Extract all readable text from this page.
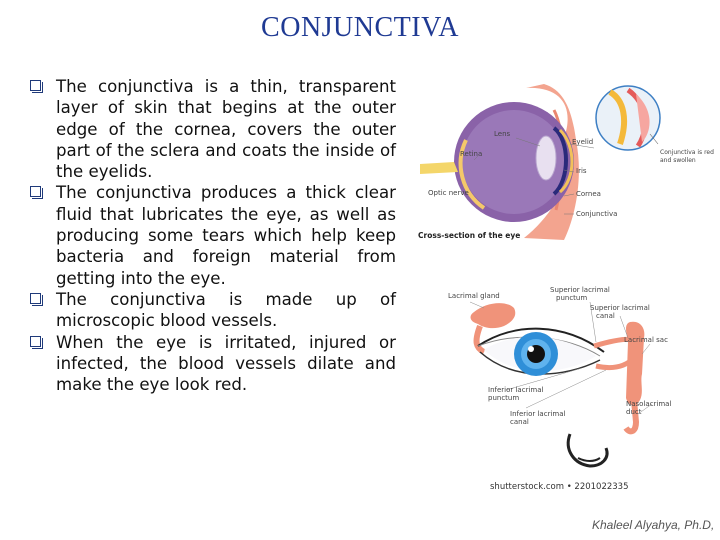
CONJUNCTIVA
The conjunctiva is a thin, transparent layer of skin that begins at the outer edge of the cornea, covers the outer part of the sclera and coats the inside of the eyelids.
The conjunctiva produces a thick clear fluid that lubricates the eye, as well as producing some tears which help keep bacteria and foreign material from getting into the eye.
The conjunctiva is made up of microscopic blood vessels.
When the eye is irritated, injured or infected, the blood vessels dilate and make the eye look red.
Lens
Retina
Eyelid
Iris
Optic nerve	Cornea
Conjunctiva
Cross-section of the eye
Conjunctiva is red
and swollen
Lacrimal gland
Superior lacrimal
punctum
Superior lacrimal
canal
Lacrimal sac
Inferior lacrimal
punctum
Inferior lacrimal
canal
Nasolacrimal
duct
shutterstock.com • 2201022335
Khaleel Alyahya, Ph.D,
